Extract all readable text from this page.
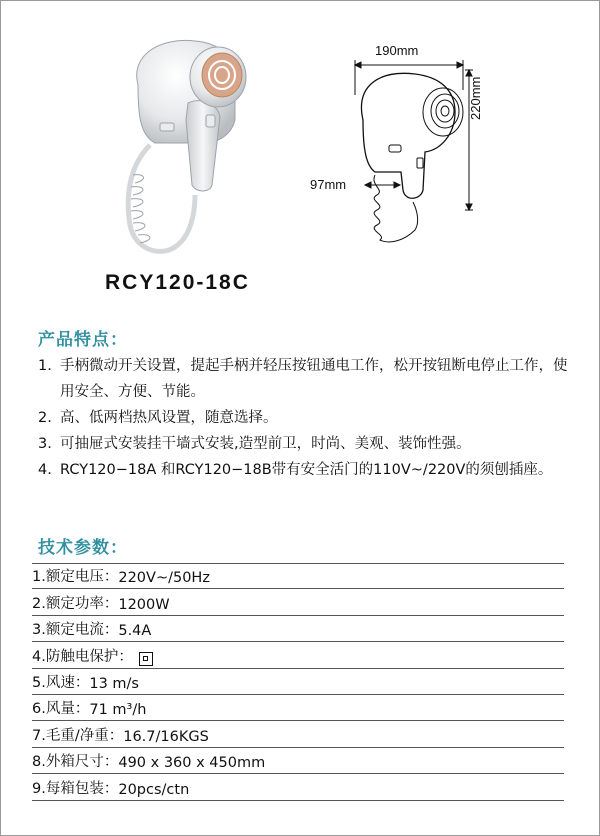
190mm
220mm
97mm
RCY120-18C
产品特点：
1. 手柄微动开关设置，提起手柄并轻压按钮通电工作，松开按钮断电停止工作，使用安全、方便、节能。
2. 高、低两档热风设置，随意选择。
3. 可抽屉式安装挂干墙式安装,造型前卫，时尚、美观、装饰性强。
4. RCY120−18A 和RCY120−18B带有安全活门的110V~/220V的须刨插座。
技术参数：
1.额定电压： 220V~/50Hz
2.额定功率： 1200W
3.额定电流： 5.4A
4.防触电保护：
5.风速： 13 m/s
6.风量： 71 m³/h
7.毛重/净重： 16.7/16KGS
8.外箱尺寸： 490 x 360 x 450mm
9.每箱包装： 20pcs/ctn
